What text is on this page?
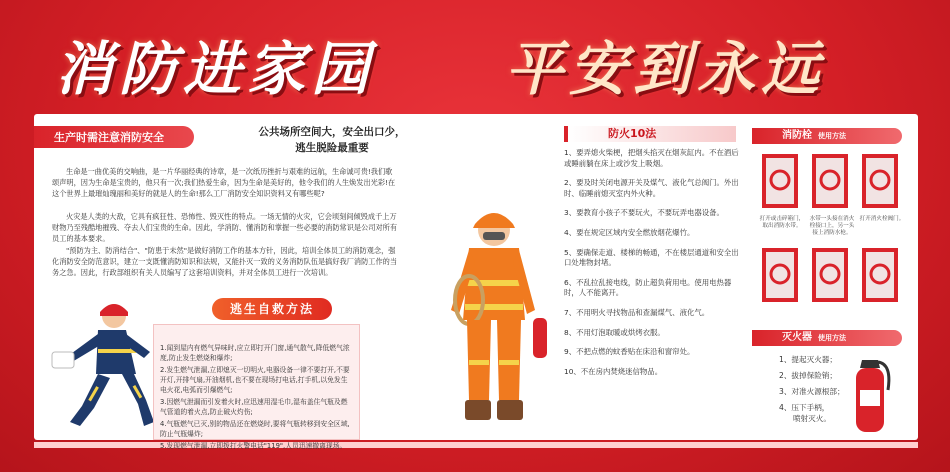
消防进家园 平安到永远
生产时需注意消防安全

生命是一曲优美的交响曲，是一片华丽经典的诗章，是一次纸历挫折与艰难的远航，生命诚可贵!我们歌颂声明，因为生命是宝贵的，他只有一次;我们热爱生命，因为生命是美好的，他令我们的人生焕发出光彩!在这个世界上最璀灿瑰丽和美好的就是人的生命!那么工厂消防安全知识资料又有哪些呢?

火灾是人类的大敌，它具有疯狂性、恐怖性、毁灭性的特点。一场无情的火灾，它会顷刻间倾毁成千上万财物乃至残酷地摧残、夺去人们宝贵的生命。因此，学消防、懂消防和掌握一些必要的消防常识是公司对所有员工的基本要求。

"预防为主、防消结合"、"防患于未然"是做好消防工作的基本方针，因此，培训全体员工的消防观念，强化消防安全防范意识，建立一支既懂消防知识和法规，又能扑灭一致的义务消防队伍是搞好我厂消防工作的当务之急。因此，行政部组织有关人员编写了这套培训资料，并对全体员工进行一次培训。

公共场所空间大，安全出口少，
逃生脱险最重要
1.闻到屋内有燃气异味时,应立即打开门窗,通气散气,降低燃气浓度,防止发生燃烧和爆炸;
2.发生燃气泄漏,立即熄灭一切明火,电器设备一律不要打开,不要开灯,开排气扇,开油烟机,也不要在现场打电话,打手机,以免发生电火花,电弧而引爆燃气;
3.因燃气泄漏而引发着火时,应迅速用湿毛巾,湿布盖住气瓶及燃气管道的着火点,防止破火灼伤;
4.气瓶燃气已灭,别的物品还在燃烧时,要将气瓶转移到安全区域,防止气瓶爆炸;
5.发现燃气泄漏,立即拨打火警电话"119",人员迅速撤离现场。
逃生自救方法
防火10法
1、要弄熄火柴梗，把烟头掐灭在烟灰缸内。不在酒后或睡前躺在床上或沙发上吸烟。
2、要及时关闭电源开关及煤气、液化气总阀门。外出时、临睡前熄灭室内外火种。
3、要教育小孩子不要玩火，不要玩弄电器设备。
4、要在规定区域内安全燃放烟花爆竹。
5、要确保走道、楼梯的畅通，不在楼层通道和安全出口处堆物封堵。
6、不乱拉乱接电线，防止超负荷用电。使用电热器时，人不能离开。
7、不用明火寻找物品和查漏煤气、液化气。
8、不用灯泡取暖或烘烤衣服。
9、不把点燃的蚊香贴在床沿和窗帘处。
10、不在房内焚烧迷信物品。
消防栓 使用方法
打开或击碎箱门，取出消防水带。
水带一头接在消火栓接口上，另一头接上消防水枪。
打开消火栓阀门。
灭火器 使用方法
1、提起灭火器；
2、拔掉保险销；
3、对准火源根部；
4、压下手柄，
喷射灭火。
